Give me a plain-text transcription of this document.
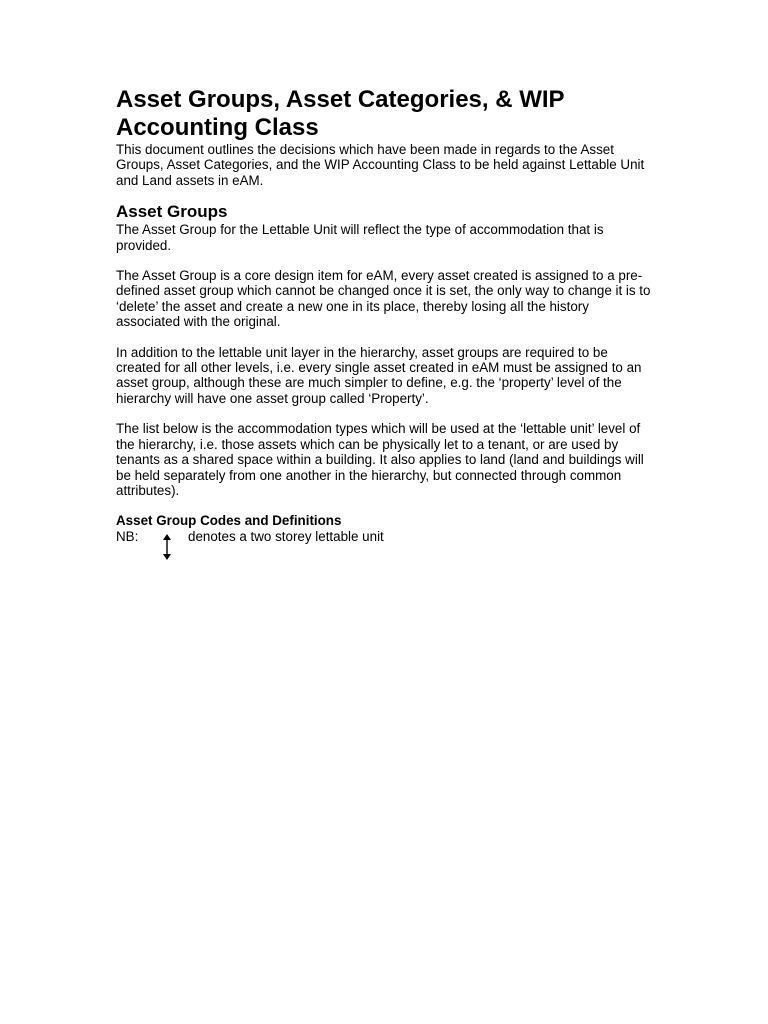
Asset Groups, Asset Categories, & WIP Accounting Class

This document outlines the decisions which have been made in regards to the Asset Groups, Asset Categories, and the WIP Accounting Class to be held against Lettable Unit and Land assets in eAM.

Asset Groups

The Asset Group for the Lettable Unit will reflect the type of accommodation that is provided.

The Asset Group is a core design item for eAM, every asset created is assigned to a pre-defined asset group which cannot be changed once it is set, the only way to change it is to ‘delete’ the asset and create a new one in its place, thereby losing all the history associated with the original.

In addition to the lettable unit layer in the hierarchy, asset groups are required to be created for all other levels, i.e. every single asset created in eAM must be assigned to an asset group, although these are much simpler to define, e.g. the ‘property’ level of the hierarchy will have one asset group called ‘Property’.

The list below is the accommodation types which will be used at the ‘lettable unit’ level of the hierarchy, i.e. those assets which can be physically let to a tenant, or are used by tenants as a shared space within a building. It also applies to land (land and buildings will be held separately from one another in the hierarchy, but connected through common attributes).

Asset Group Codes and Definitions

NB:	denotes a two storey lettable unit
